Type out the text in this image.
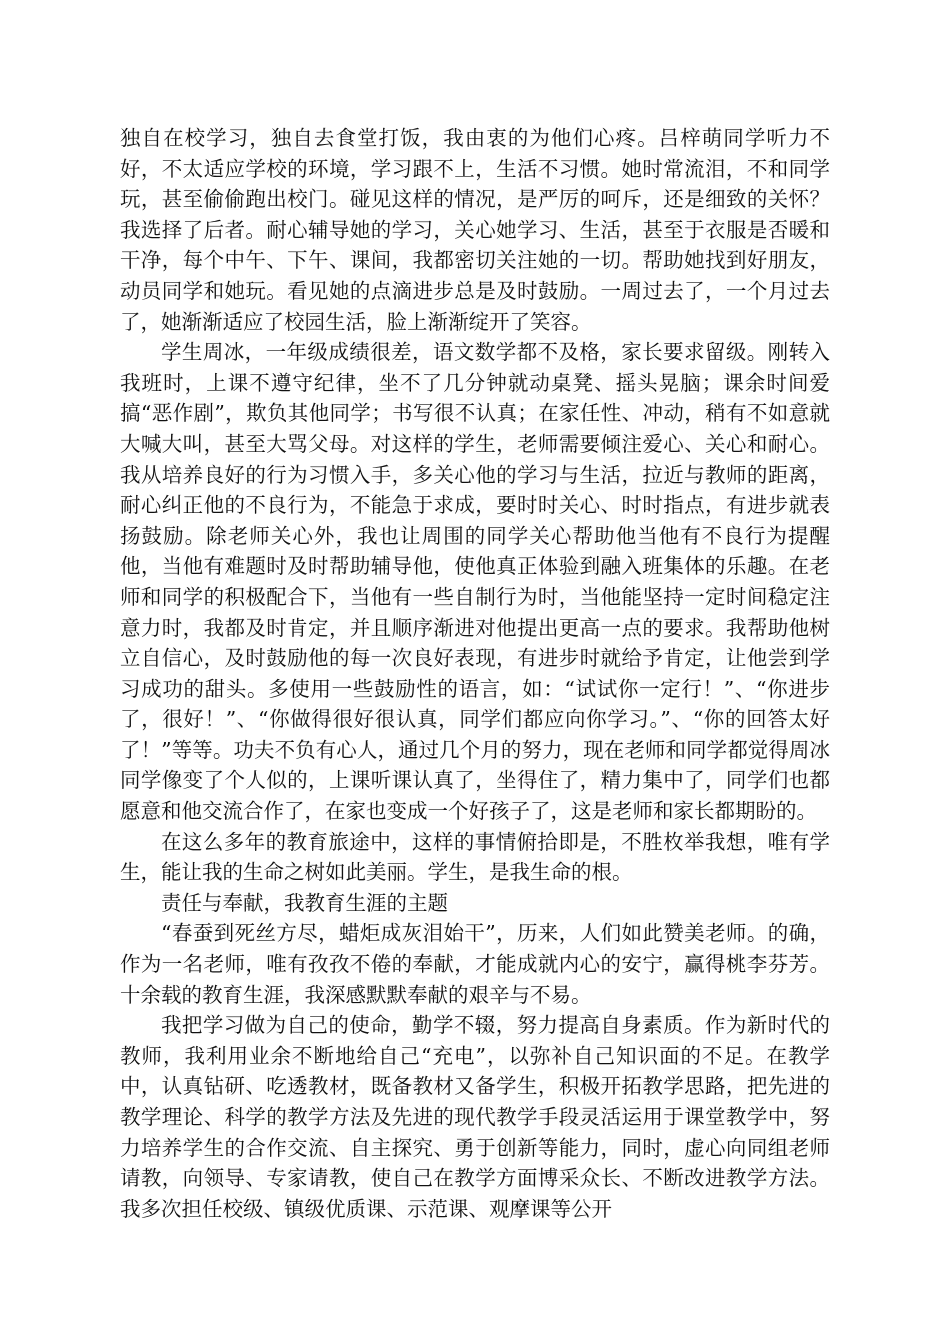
独自在校学习，独自去食堂打饭，我由衷的为他们心疼。吕梓萌同学听力不好，不太适应学校的环境，学习跟不上，生活不习惯。她时常流泪，不和同学玩，甚至偷偷跑出校门。碰见这样的情况，是严厉的呵斥，还是细致的关怀？我选择了后者。耐心辅导她的学习，关心她学习、生活，甚至于衣服是否暖和干净，每个中午、下午、课间，我都密切关注她的一切。帮助她找到好朋友，动员同学和她玩。看见她的点滴进步总是及时鼓励。一周过去了，一个月过去了，她渐渐适应了校园生活，脸上渐渐绽开了笑容。

学生周冰，一年级成绩很差，语文数学都不及格，家长要求留级。刚转入我班时，上课不遵守纪律，坐不了几分钟就动桌凳、摇头晃脑；课余时间爱搞“恶作剧”，欺负其他同学；书写很不认真；在家任性、冲动，稍有不如意就大喊大叫，甚至大骂父母。对这样的学生，老师需要倾注爱心、关心和耐心。我从培养良好的行为习惯入手，多关心他的学习与生活，拉近与教师的距离，耐心纠正他的不良行为，不能急于求成，要时时关心、时时指点，有进步就表扬鼓励。除老师关心外，我也让周围的同学关心帮助他当他有不良行为提醒他，当他有难题时及时帮助辅导他，使他真正体验到融入班集体的乐趣。在老师和同学的积极配合下，当他有一些自制行为时，当他能坚持一定时间稳定注意力时，我都及时肯定，并且顺序渐进对他提出更高一点的要求。我帮助他树立自信心，及时鼓励他的每一次良好表现，有进步时就给予肯定，让他尝到学习成功的甜头。多使用一些鼓励性的语言，如：“试试你一定行！”、“你进步了，很好！”、“你做得很好很认真，同学们都应向你学习。”、“你的回答太好了！”等等。功夫不负有心人，通过几个月的努力，现在老师和同学都觉得周冰同学像变了个人似的，上课听课认真了，坐得住了，精力集中了，同学们也都愿意和他交流合作了，在家也变成一个好孩子了，这是老师和家长都期盼的。

在这么多年的教育旅途中，这样的事情俯拾即是，不胜枚举我想，唯有学生，能让我的生命之树如此美丽。学生，是我生命的根。

责任与奉献，我教育生涯的主题

“春蚕到死丝方尽，蜡炬成灰泪始干”，历来，人们如此赞美老师。的确，作为一名老师，唯有孜孜不倦的奉献，才能成就内心的安宁，赢得桃李芬芳。十余载的教育生涯，我深感默默奉献的艰辛与不易。

我把学习做为自己的使命，勤学不辍，努力提高自身素质。作为新时代的教师，我利用业余不断地给自己“充电”，以弥补自己知识面的不足。在教学中，认真钻研、吃透教材，既备教材又备学生，积极开拓教学思路，把先进的教学理论、科学的教学方法及先进的现代教学手段灵活运用于课堂教学中，努力培养学生的合作交流、自主探究、勇于创新等能力，同时，虚心向同组老师请教，向领导、专家请教，使自己在教学方面博采众长、不断改进教学方法。我多次担任校级、镇级优质课、示范课、观摩课等公开
